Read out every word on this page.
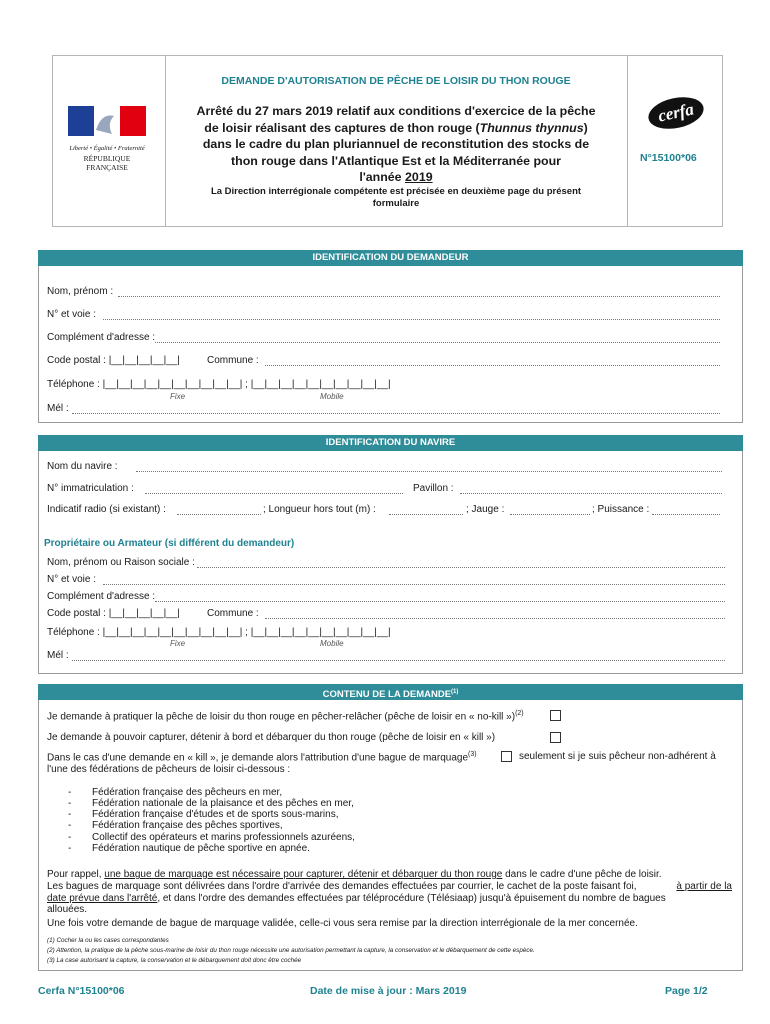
Liberté • Égalité • Fraternité
RÉPUBLIQUE FRANÇAISE
DEMANDE D'AUTORISATION DE PÊCHE DE LOISIR DU THON ROUGE
Arrêté du 27 mars 2019 relatif aux conditions d'exercice de la pêche
de loisir réalisant des captures de thon rouge (Thunnus thynnus)
dans le cadre du plan pluriannuel de reconstitution des stocks de
thon rouge dans l'Atlantique Est et la Méditerranée pour
l'année 2019
La Direction interrégionale compétente est précisée en deuxième page du présent
formulaire
cerfa
N°15100*06
IDENTIFICATION DU DEMANDEUR
Nom, prénom :
N° et voie :
Complément d'adresse :
Code postal : |__|__|__|__|__|	Commune :
Téléphone : |__|__|__|__|__|__|__|__|__|__| ; |__|__|__|__|__|__|__|__|__|__|
Fixe	Mobile
Mél :
IDENTIFICATION DU NAVIRE
Nom du navire :
N° immatriculation :	Pavillon :
Indicatif radio (si existant) :	; Longueur hors tout (m) :	; Jauge :	; Puissance :
Propriétaire ou Armateur (si différent du demandeur)
Nom, prénom ou Raison sociale :
N° et voie :
Complément d'adresse :
Code postal : |__|__|__|__|__|	Commune :
Téléphone : |__|__|__|__|__|__|__|__|__|__| ; |__|__|__|__|__|__|__|__|__|__|
Fixe	Mobile
Mél :
CONTENU DE LA DEMANDE$^{(1)}$
Je demande à pratiquer la pêche de loisir du thon rouge en pêcher-relâcher (pêche de loisir en « no-kill »)$^{(2)}$
Je demande à pouvoir capturer, détenir à bord et débarquer du thon rouge (pêche de loisir en « kill »)
Dans le cas d'une demande en « kill », je demande alors l'attribution d'une bague de marquage$^{(3)}$	seulement si je suis pêcheur non-adhérent à
l'une des fédérations de pêcheurs de loisir ci-dessous :
- Fédération française des pêcheurs en mer,
- Fédération nationale de la plaisance et des pêches en mer,
- Fédération française d'études et de sports sous-marins,
- Fédération française des pêches sportives,
- Collectif des opérateurs et marins professionnels azuréens,
- Fédération nautique de pêche sportive en apnée.
Pour rappel, une bague de marquage est nécessaire pour capturer, détenir et débarquer du thon rouge dans le cadre d'une pêche de loisir.
Les bagues de marquage sont délivrées dans l'ordre d'arrivée des demandes effectuées par courrier, le cachet de la poste faisant foi,	à partir de la
date prévue dans l'arrêté, et dans l'ordre des demandes effectuées par téléprocédure (Télésiaap) jusqu'à épuisement du nombre de bagues
allouées.
Une fois votre demande de bague de marquage validée, celle-ci vous sera remise par la direction interrégionale de la mer concernée.
(1) Cocher la ou les cases correspondantes
(2) Attention, la pratique de la pêche sous-marine de loisir du thon rouge nécessite une autorisation permettant la capture, la conservation et le débarquement de cette espèce.
(3) La case autorisant la capture, la conservation et le débarquement doit donc être cochée
Cerfa N°15100*06	Date de mise à jour : Mars 2019	Page 1/2
